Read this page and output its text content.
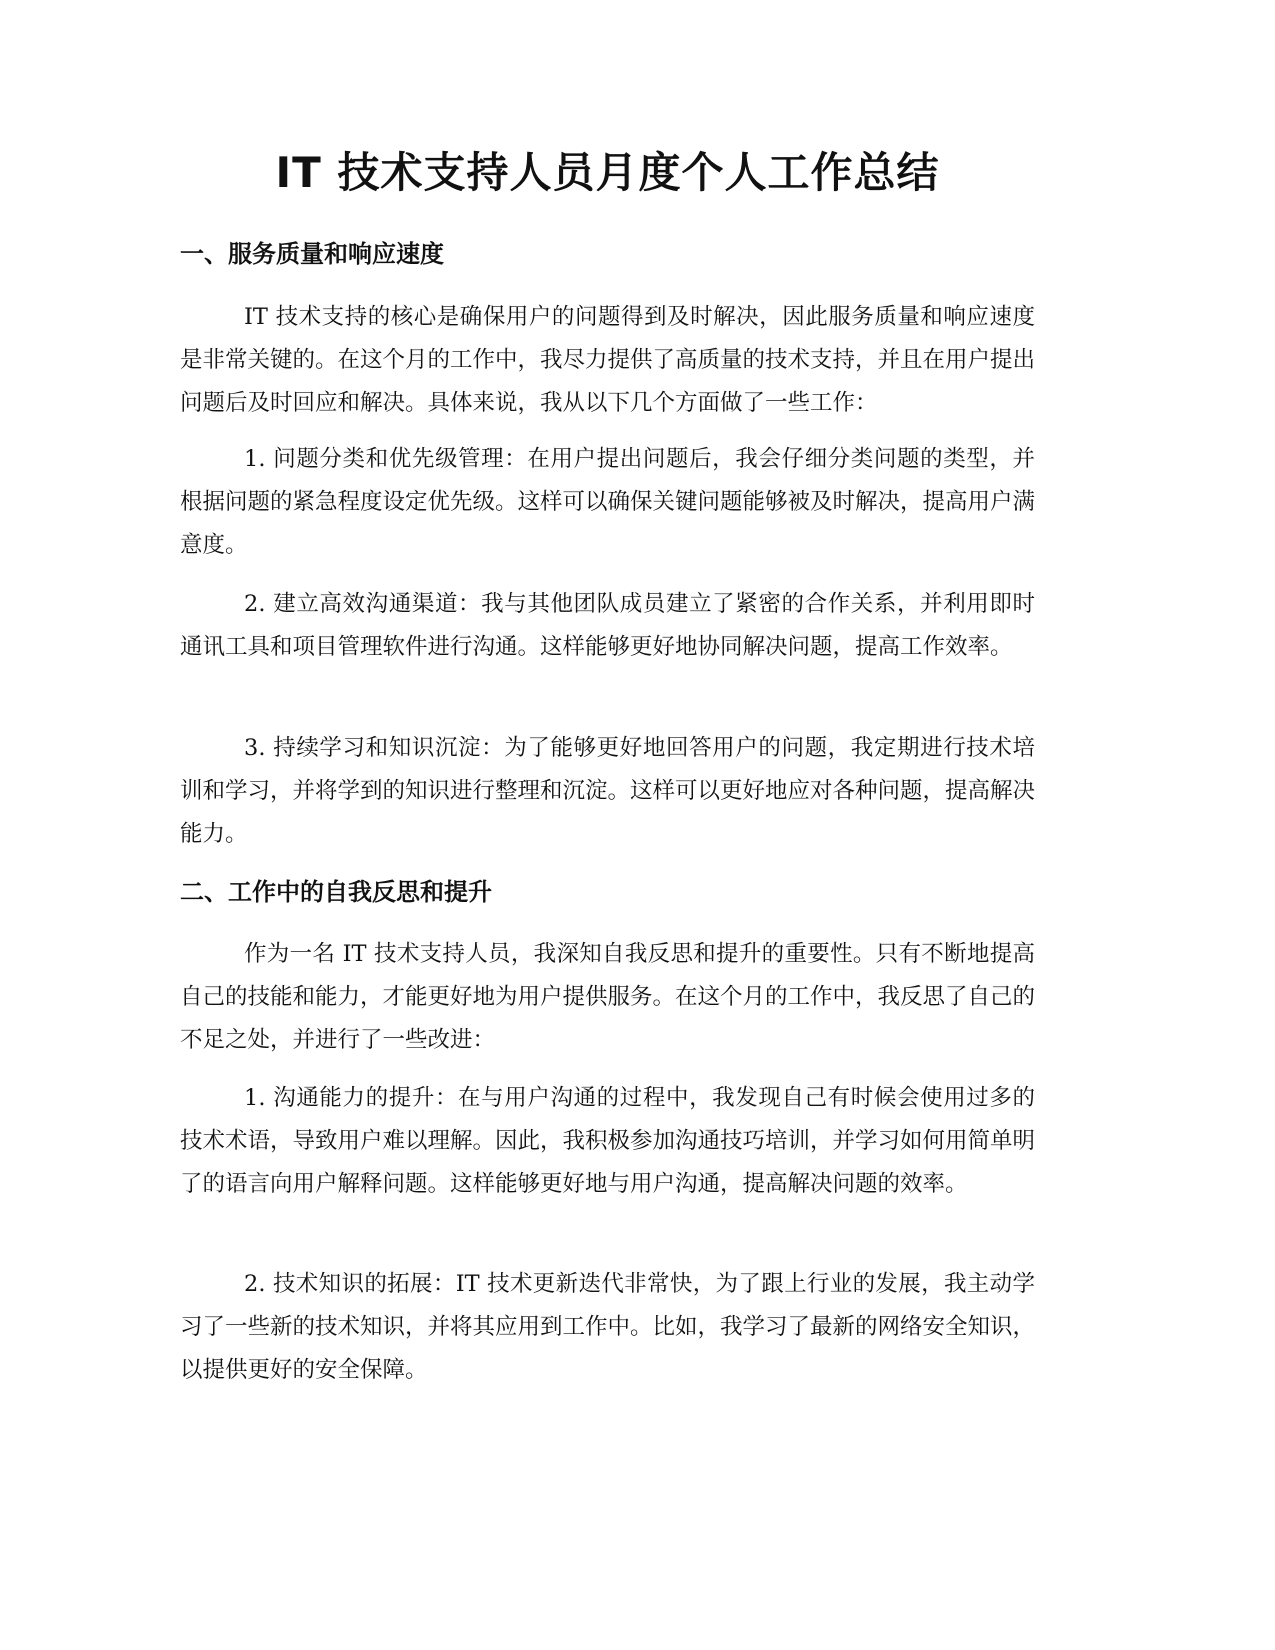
IT 技术支持人员月度个人工作总结
一、服务质量和响应速度

IT 技术支持的核心是确保用户的问题得到及时解决，因此服务质量和响应速度是非常关键的。在这个月的工作中，我尽力提供了高质量的技术支持，并且在用户提出问题后及时回应和解决。具体来说，我从以下几个方面做了一些工作：

1. 问题分类和优先级管理：在用户提出问题后，我会仔细分类问题的类型，并根据问题的紧急程度设定优先级。这样可以确保关键问题能够被及时解决，提高用户满意度。

2. 建立高效沟通渠道：我与其他团队成员建立了紧密的合作关系，并利用即时通讯工具和项目管理软件进行沟通。这样能够更好地协同解决问题，提高工作效率。

3. 持续学习和知识沉淀：为了能够更好地回答用户的问题，我定期进行技术培训和学习，并将学到的知识进行整理和沉淀。这样可以更好地应对各种问题，提高解决能力。

二、工作中的自我反思和提升

作为一名 IT 技术支持人员，我深知自我反思和提升的重要性。只有不断地提高自己的技能和能力，才能更好地为用户提供服务。在这个月的工作中，我反思了自己的不足之处，并进行了一些改进：

1. 沟通能力的提升：在与用户沟通的过程中，我发现自己有时候会使用过多的技术术语，导致用户难以理解。因此，我积极参加沟通技巧培训，并学习如何用简单明了的语言向用户解释问题。这样能够更好地与用户沟通，提高解决问题的效率。

2. 技术知识的拓展：IT 技术更新迭代非常快，为了跟上行业的发展，我主动学习了一些新的技术知识，并将其应用到工作中。比如，我学习了最新的网络安全知识，以提供更好的安全保障。
